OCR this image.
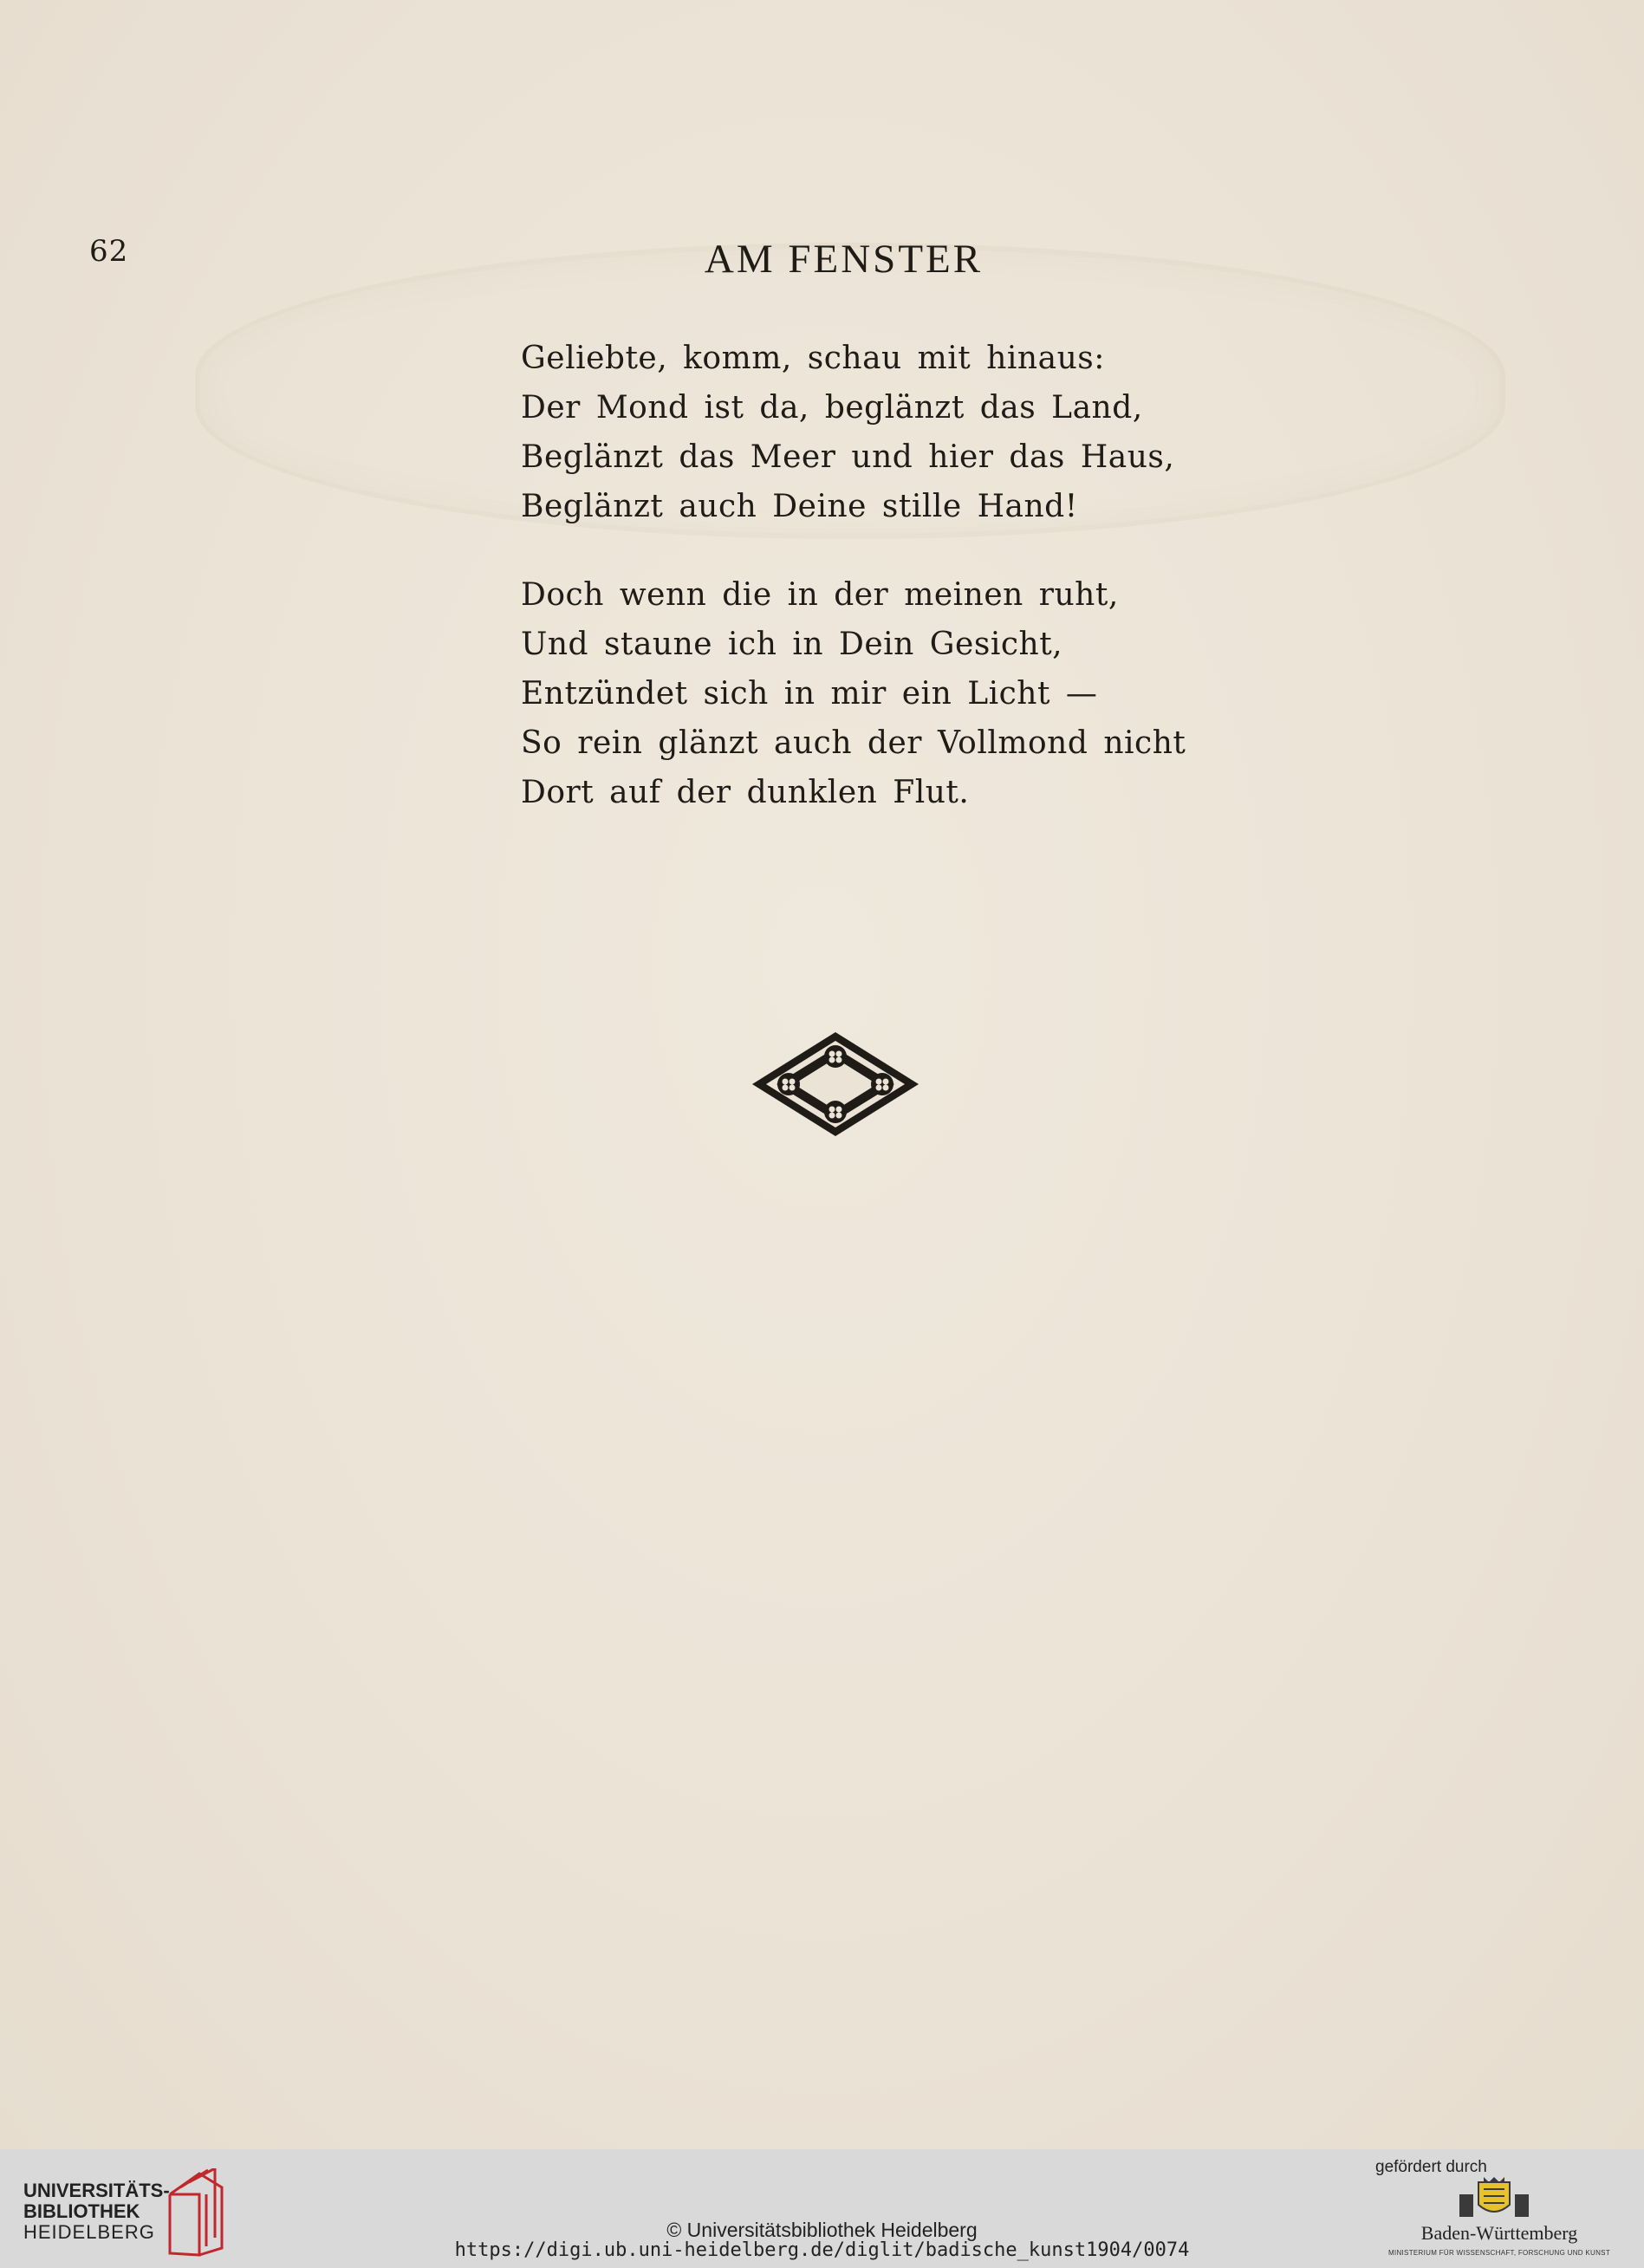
62	AM FENSTER
Geliebte, komm, schau mit hinaus:
Der Mond ist da, beglänzt das Land,
Beglänzt das Meer und hier das Haus,
Beglänzt auch Deine stille Hand!
Doch wenn die in der meinen ruht,
Und staune ich in Dein Gesicht,
Entzündet sich in mir ein Licht —
So rein glänzt auch der Vollmond nicht
Dort auf der dunklen Flut.
UNIVERSITÄTS-
BIBLIOTHEK
HEIDELBERG	© Universitätsbibliothek Heidelberg
https://digi.ub.uni-heidelberg.de/diglit/badische_kunst1904/0074
gefördert durch
Baden-Württemberg
MINISTERIUM FÜR WISSENSCHAFT, FORSCHUNG UND KUNST
